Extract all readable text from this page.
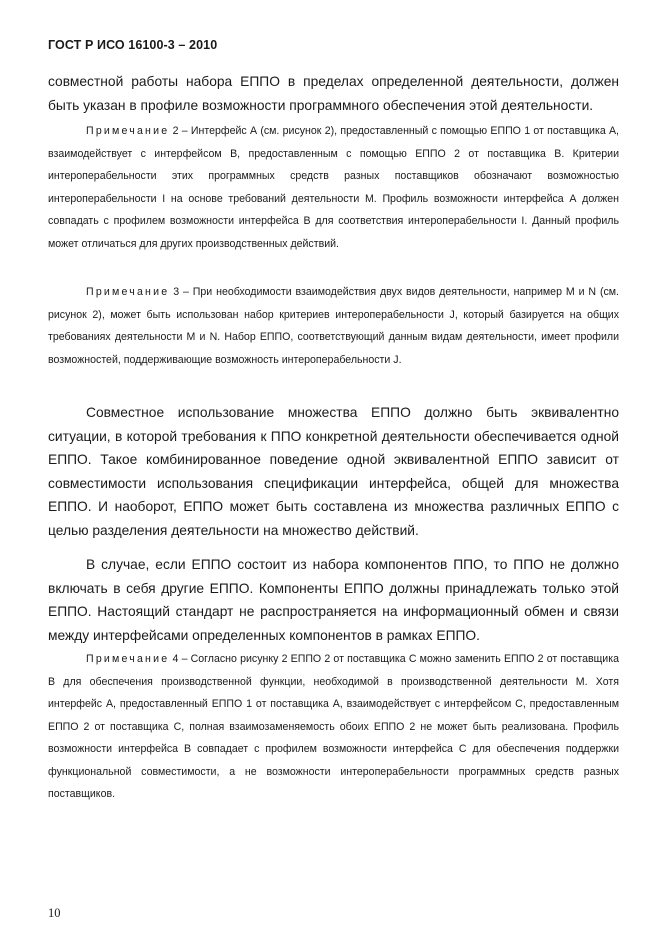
ГОСТ Р ИСО 16100-3 – 2010

совместной работы набора ЕППО в пределах определенной деятельности, должен быть указан в профиле возможности программного обеспечения этой деятельности.

Примечание 2 – Интерфейс А (см. рисунок 2), предоставленный с помощью ЕППО 1 от поставщика А, взаимодействует с интерфейсом В, предоставленным с помощью ЕППО 2 от поставщика В. Критерии интероперабельности этих программных средств разных поставщиков обозначают возможностью интероперабельности I на основе требований деятельности М. Профиль возможности интерфейса А должен совпадать с профилем возможности интерфейса В для соответствия интероперабельности I. Данный профиль может отличаться для других производственных действий.
Примечание 3 – При необходимости взаимодействия двух видов деятельности, например М и N (см. рисунок 2), может быть использован набор критериев интероперабельности J, который базируется на общих требованиях деятельности М и N. Набор ЕППО, соответствующий данным видам деятельности, имеет профили возможностей, поддерживающие возможность интероперабельности J.

Совместное использование множества ЕППО должно быть эквивалентно ситуации, в которой требования к ППО конкретной деятельности обеспечивается одной ЕППО. Такое комбинированное поведение одной эквивалентной ЕППО зависит от совместимости использования спецификации интерфейса, общей для множества ЕППО. И наоборот, ЕППО может быть составлена из множества различных ЕППО с целью разделения деятельности на множество действий.

В случае, если ЕППО состоит из набора компонентов ППО, то ППО не должно включать в себя другие ЕППО. Компоненты ЕППО должны принадлежать только этой ЕППО. Настоящий стандарт не распространяется на информационный обмен и связи между интерфейсами определенных компонентов в рамках ЕППО.

Примечание 4 – Согласно рисунку 2 ЕППО 2 от поставщика С можно заменить ЕППО 2 от поставщика В для обеспечения производственной функции, необходимой в производственной деятельности М. Хотя интерфейс А, предоставленный ЕППО 1 от поставщика А, взаимодействует с интерфейсом С, предоставленным ЕППО 2 от поставщика С, полная взаимозаменяемость обоих ЕППО 2 не может быть реализована. Профиль возможности интерфейса В совпадает с профилем возможности интерфейса С для обеспечения поддержки функциональной совместимости, а не возможности интероперабельности программных средств разных поставщиков.
10
